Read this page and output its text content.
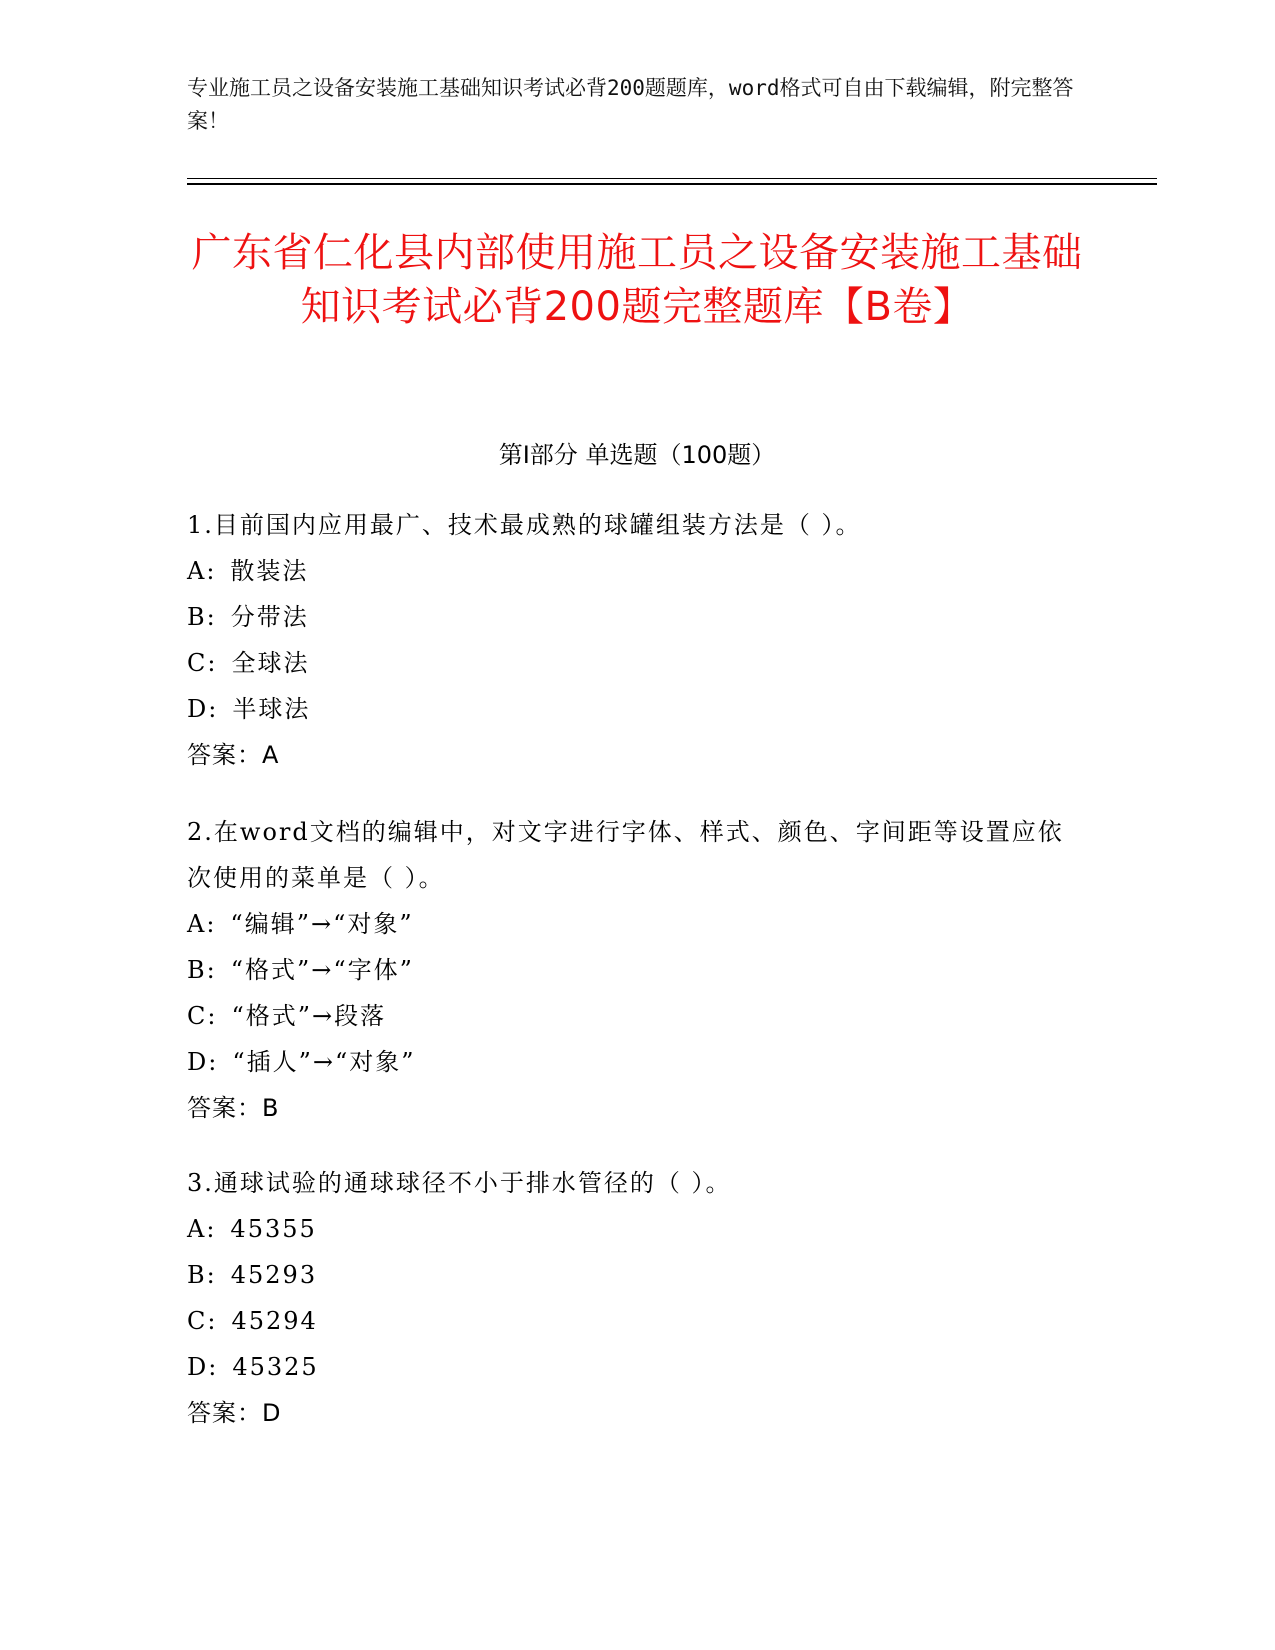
专业施工员之设备安装施工基础知识考试必背200题题库，word格式可自由下载编辑，附完整答案！
广东省仁化县内部使用施工员之设备安装施工基础知识考试必背200题完整题库【B卷】
第Ⅰ部分 单选题（100题）

1.目前国内应用最广、技术最成熟的球罐组装方法是（ ）。

A: 散装法

B: 分带法

C: 全球法

D: 半球法

答案：A

2.在word文档的编辑中，对文字进行字体、样式、颜色、字间距等设置应依次使用的菜单是（ ）。

A: “编辑”→“对象”

B: “格式”→“字体”

C: “格式”→段落

D: “插人”→“对象”

答案：B

3.通球试验的通球球径不小于排水管径的（ ）。

A: 45355

B: 45293

C: 45294

D: 45325

答案：D
